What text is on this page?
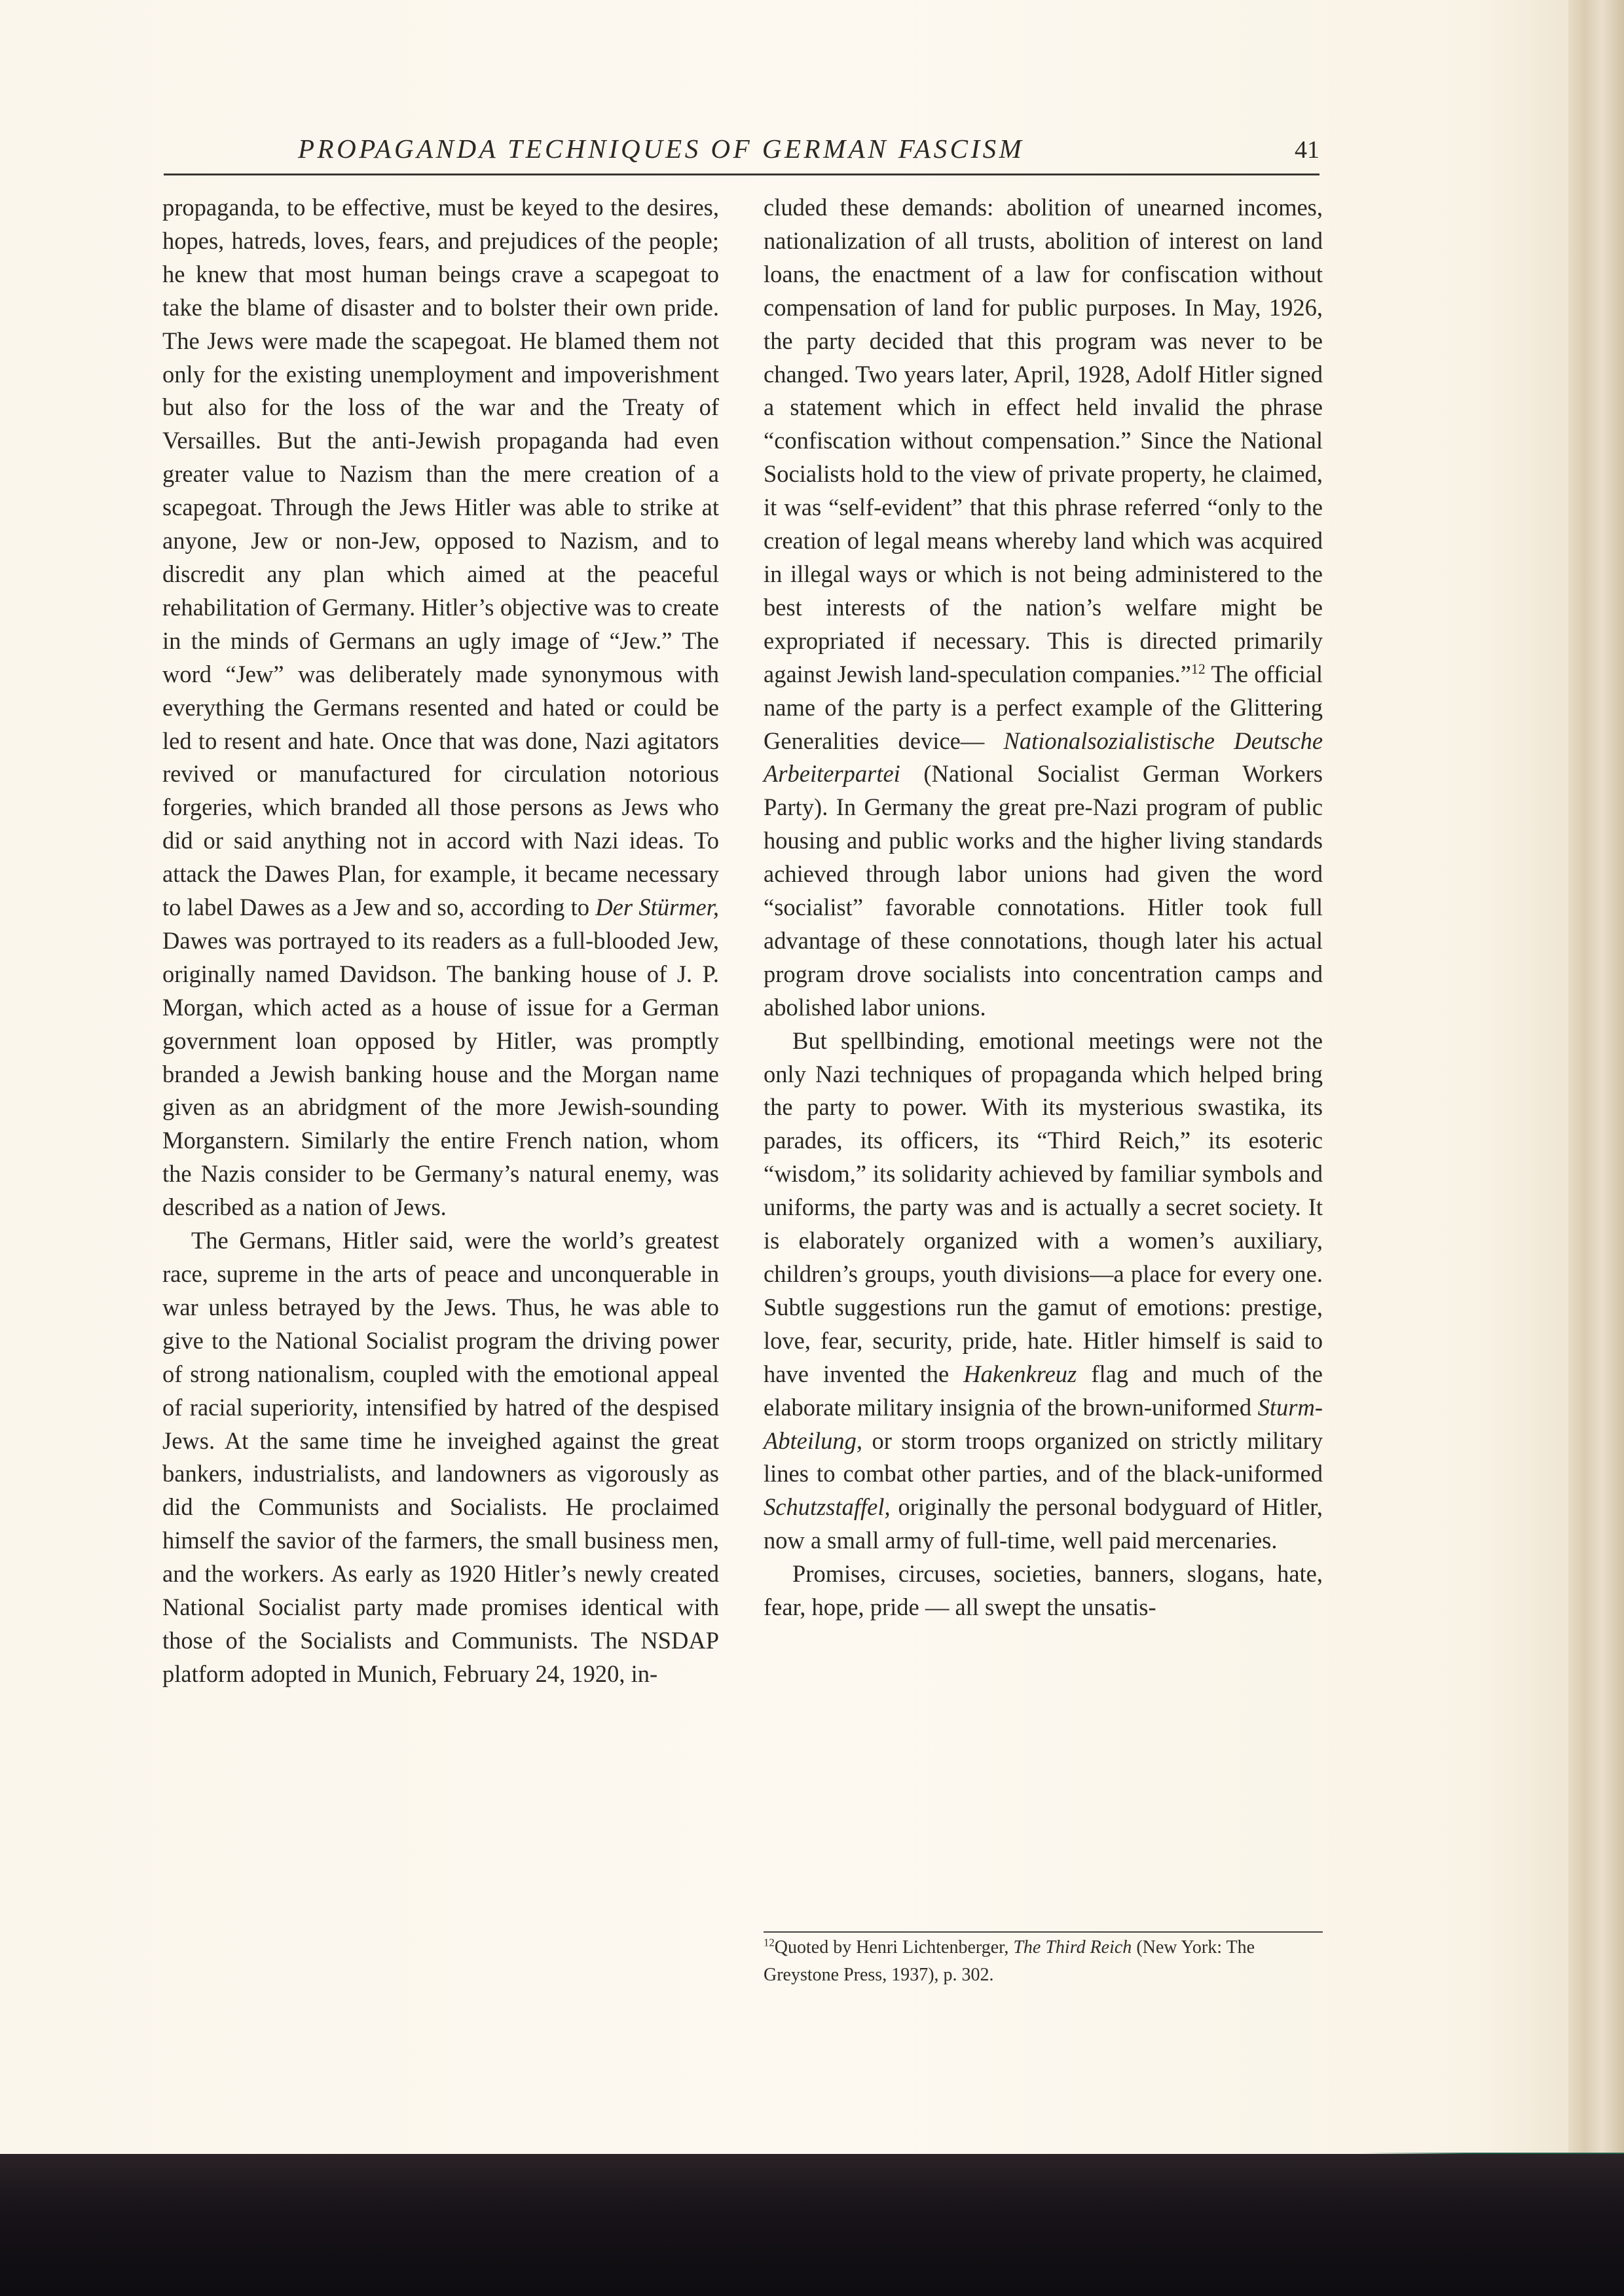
PROPAGANDA TECHNIQUES OF GERMAN FASCISM	41

propaganda, to be effective, must be keyed to the desires, hopes, hatreds, loves, fears, and prejudices of the people; he knew that most human beings crave a scapegoat to take the blame of disaster and to bolster their own pride. The Jews were made the scapegoat. He blamed them not only for the existing unemployment and impoverishment but also for the loss of the war and the Treaty of Versailles. But the anti-Jewish propaganda had even greater value to Nazism than the mere creation of a scapegoat. Through the Jews Hitler was able to strike at anyone, Jew or non-Jew, opposed to Nazism, and to discredit any plan which aimed at the peaceful rehabilitation of Germany. Hitler’s objective was to create in the minds of Germans an ugly image of “Jew.” The word “Jew” was deliberately made synonymous with everything the Germans resented and hated or could be led to resent and hate. Once that was done, Nazi agitators revived or manufactured for circulation notorious forgeries, which branded all those persons as Jews who did or said anything not in accord with Nazi ideas. To attack the Dawes Plan, for example, it became necessary to label Dawes as a Jew and so, according to Der Stürmer, Dawes was portrayed to its readers as a full-blooded Jew, originally named Davidson. The banking house of J. P. Morgan, which acted as a house of issue for a German government loan opposed by Hitler, was promptly branded a Jewish banking house and the Morgan name given as an abridgment of the more Jewish-sounding Morganstern. Similarly the entire French nation, whom the Nazis consider to be Germany’s natural enemy, was described as a nation of Jews.

The Germans, Hitler said, were the world’s greatest race, supreme in the arts of peace and unconquerable in war unless betrayed by the Jews. Thus, he was able to give to the National Socialist program the driving power of strong nationalism, coupled with the emotional appeal of racial superiority, intensified by hatred of the despised Jews. At the same time he inveighed against the great bankers, industrialists, and landowners as vigorously as did the Communists and Socialists. He proclaimed himself the savior of the farmers, the small business men, and the workers. As early as 1920 Hitler’s newly created National Socialist party made promises identical with those of the Socialists and Communists. The NSDAP platform adopted in Munich, February 24, 1920, in-

cluded these demands: abolition of unearned incomes, nationalization of all trusts, abolition of interest on land loans, the enactment of a law for confiscation without compensation of land for public purposes. In May, 1926, the party decided that this program was never to be changed. Two years later, April, 1928, Adolf Hitler signed a statement which in effect held invalid the phrase “confiscation without compensation.” Since the National Socialists hold to the view of private property, he claimed, it was “self-evident” that this phrase referred “only to the creation of legal means whereby land which was acquired in illegal ways or which is not being administered to the best interests of the nation’s welfare might be expropriated if necessary. This is directed primarily against Jewish land-speculation companies.”$^{12}$ The official name of the party is a perfect example of the Glittering Generalities device— Nationalsozialistische Deutsche Arbeiterpartei (National Socialist German Workers Party). In Germany the great pre-Nazi program of public housing and public works and the higher living standards achieved through labor unions had given the word “socialist” favorable connotations. Hitler took full advantage of these connotations, though later his actual program drove socialists into concentration camps and abolished labor unions.

But spellbinding, emotional meetings were not the only Nazi techniques of propaganda which helped bring the party to power. With its mysterious swastika, its parades, its officers, its “Third Reich,” its esoteric “wisdom,” its solidarity achieved by familiar symbols and uniforms, the party was and is actually a secret society. It is elaborately organized with a women’s auxiliary, children’s groups, youth divisions—a place for every one. Subtle suggestions run the gamut of emotions: prestige, love, fear, security, pride, hate. Hitler himself is said to have invented the Hakenkreuz flag and much of the elaborate military insignia of the brown-uniformed Sturm-Abteilung, or storm troops organized on strictly military lines to combat other parties, and of the black-uniformed Schutzstaffel, originally the personal bodyguard of Hitler, now a small army of full-time, well paid mercenaries.

Promises, circuses, societies, banners, slogans, hate, fear, hope, pride — all swept the unsatis-

$^{12}$Quoted by Henri Lichtenberger, The Third Reich (New York: The Greystone Press, 1937), p. 302.
